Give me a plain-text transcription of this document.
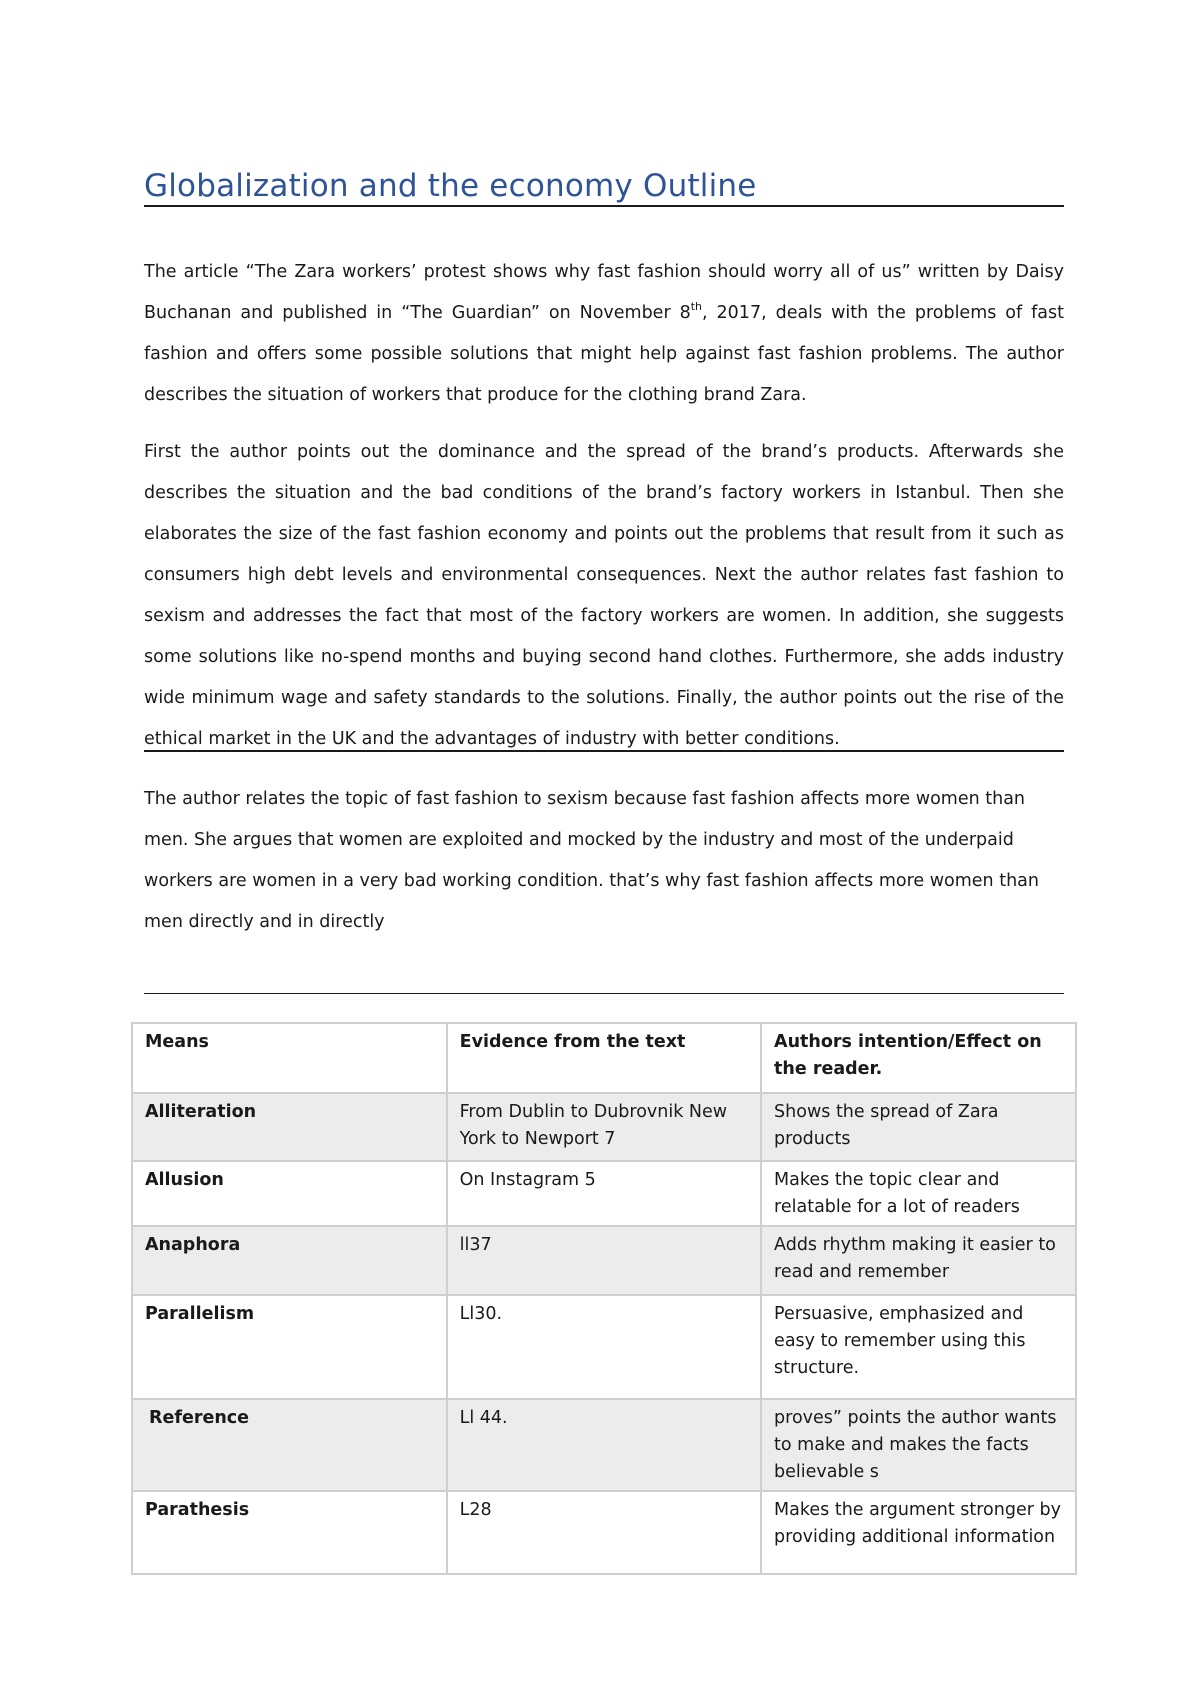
Globalization and the economy Outline

The article “The Zara workers’ protest shows why fast fashion should worry all of us” written by Daisy Buchanan and published in “The Guardian” on November 8th, 2017, deals with the problems of fast fashion and offers some possible solutions that might help against fast fashion problems. The author describes the situation of workers that produce for the clothing brand Zara.

First the author points out the dominance and the spread of the brand’s products. Afterwards she describes the situation and the bad conditions of the brand’s factory workers in Istanbul. Then she elaborates the size of the fast fashion economy and points out the problems that result from it such as consumers high debt levels and environmental consequences. Next the author relates fast fashion to sexism and addresses the fact that most of the factory workers are women. In addition, she suggests some solutions like no-spend months and buying second hand clothes. Furthermore, she adds industry wide minimum wage and safety standards to the solutions. Finally, the author points out the rise of the ethical market in the UK and the advantages of industry with better conditions.

The author relates the topic of fast fashion to sexism because fast fashion affects more women than men. She argues that women are exploited and mocked by the industry and most of the underpaid workers are women in a very bad working condition. that’s why fast fashion affects more women than men directly and in directly

Means	Evidence from the text	Authors intention/Effect on the reader.
Alliteration	From Dublin to Dubrovnik New York to Newport 7	Shows the spread of Zara products
Allusion	On Instagram 5	Makes the topic clear and relatable for a lot of readers
Anaphora	ll37	Adds rhythm making it easier to read and remember
Parallelism	Ll30.	Persuasive, emphasized and easy to remember using this structure.
Reference	Ll 44.	proves” points the author wants to make and makes the facts believable s
Parathesis	L28	Makes the argument stronger by providing additional information
